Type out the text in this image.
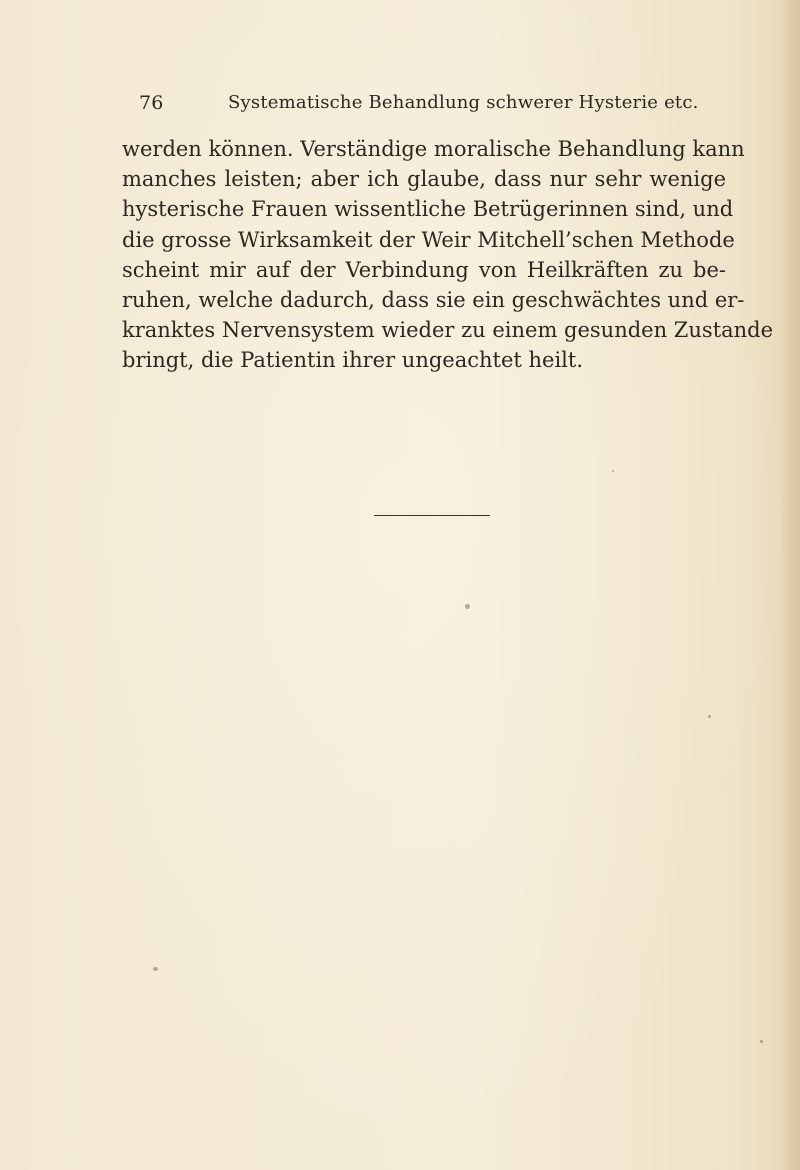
76	Systematische Behandlung schwerer Hysterie etc.
werden können. Verständige moralische Behandlung kann
manches leisten; aber ich glaube, dass nur sehr wenige
hysterische Frauen wissentliche Betrügerinnen sind, und
die grosse Wirksamkeit der Weir Mitchell’schen Methode
scheint mir auf der Verbindung von Heilkräften zu be-
ruhen, welche dadurch, dass sie ein geschwächtes und er-
kranktes Nervensystem wieder zu einem gesunden Zustande
bringt, die Patientin ihrer ungeachtet heilt.
